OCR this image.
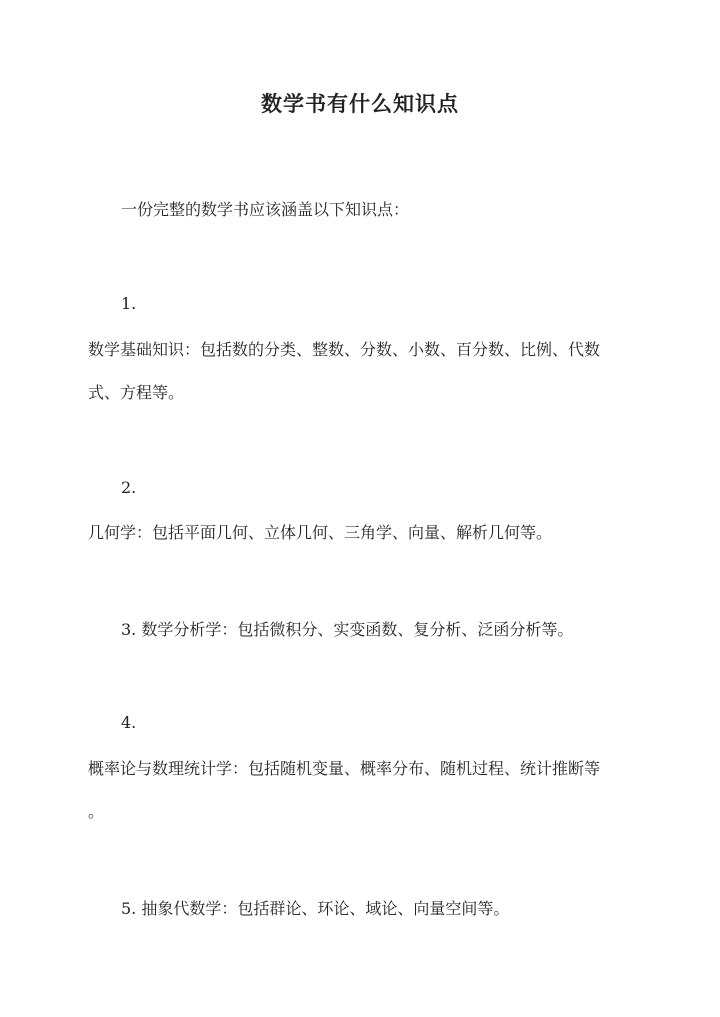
数学书有什么知识点

一份完整的数学书应该涵盖以下知识点：

1.

数学基础知识：包括数的分类、整数、分数、小数、百分数、比例、代数

式、方程等。

2.

几何学：包括平面几何、立体几何、三角学、向量、解析几何等。

3. 数学分析学：包括微积分、实变函数、复分析、泛函分析等。

4.

概率论与数理统计学：包括随机变量、概率分布、随机过程、统计推断等

。

5. 抽象代数学：包括群论、环论、域论、向量空间等。
